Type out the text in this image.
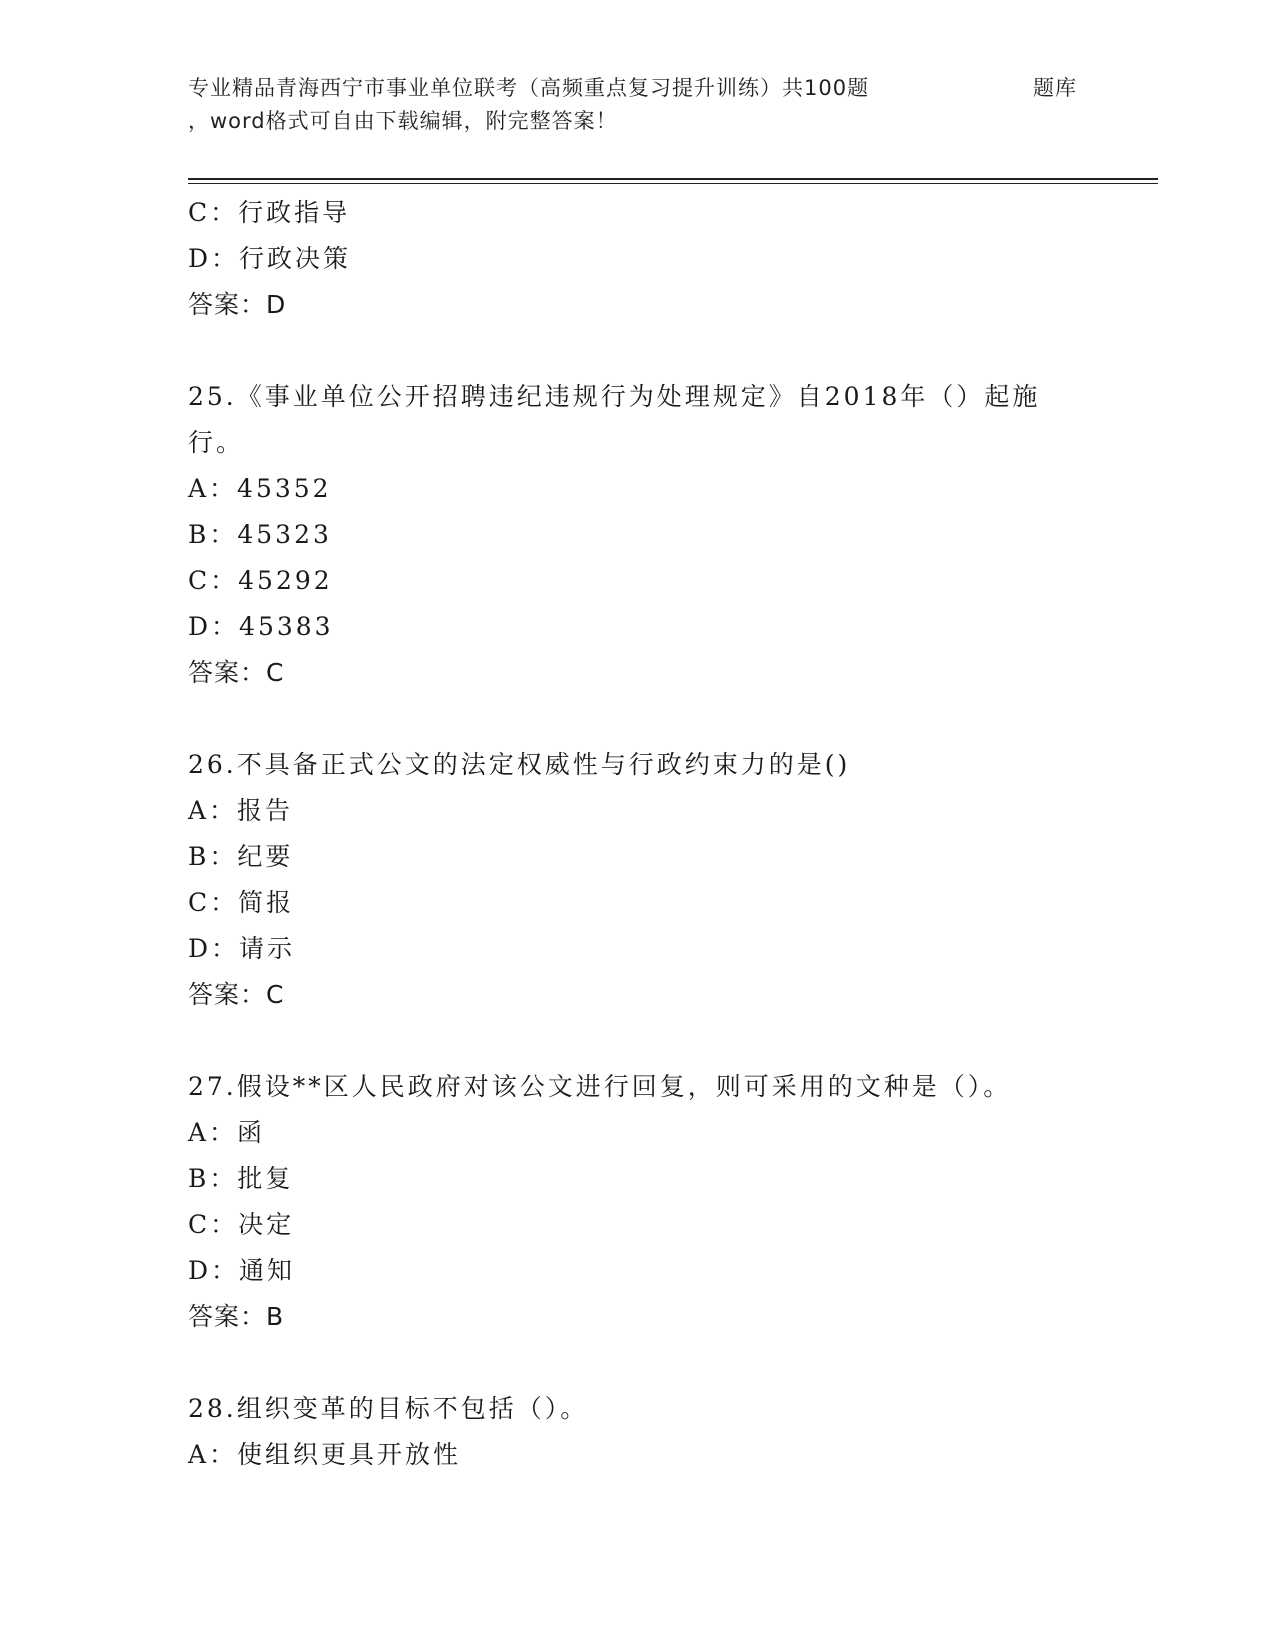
专业精品青海西宁市事业单位联考（高频重点复习提升训练）共100题	题库
，word格式可自由下载编辑，附完整答案！
C：行政指导
D：行政决策
答案：D
25.《事业单位公开招聘违纪违规行为处理规定》自2018年（）起施
行。
A：45352
B：45323
C：45292
D：45383
答案：C
26.不具备正式公文的法定权威性与行政约束力的是()
A：报告
B：纪要
C：简报
D：请示
答案：C
27.假设**区人民政府对该公文进行回复，则可采用的文种是（）。
A：函
B：批复
C：决定
D：通知
答案：B
28.组织变革的目标不包括（）。
A：使组织更具开放性
